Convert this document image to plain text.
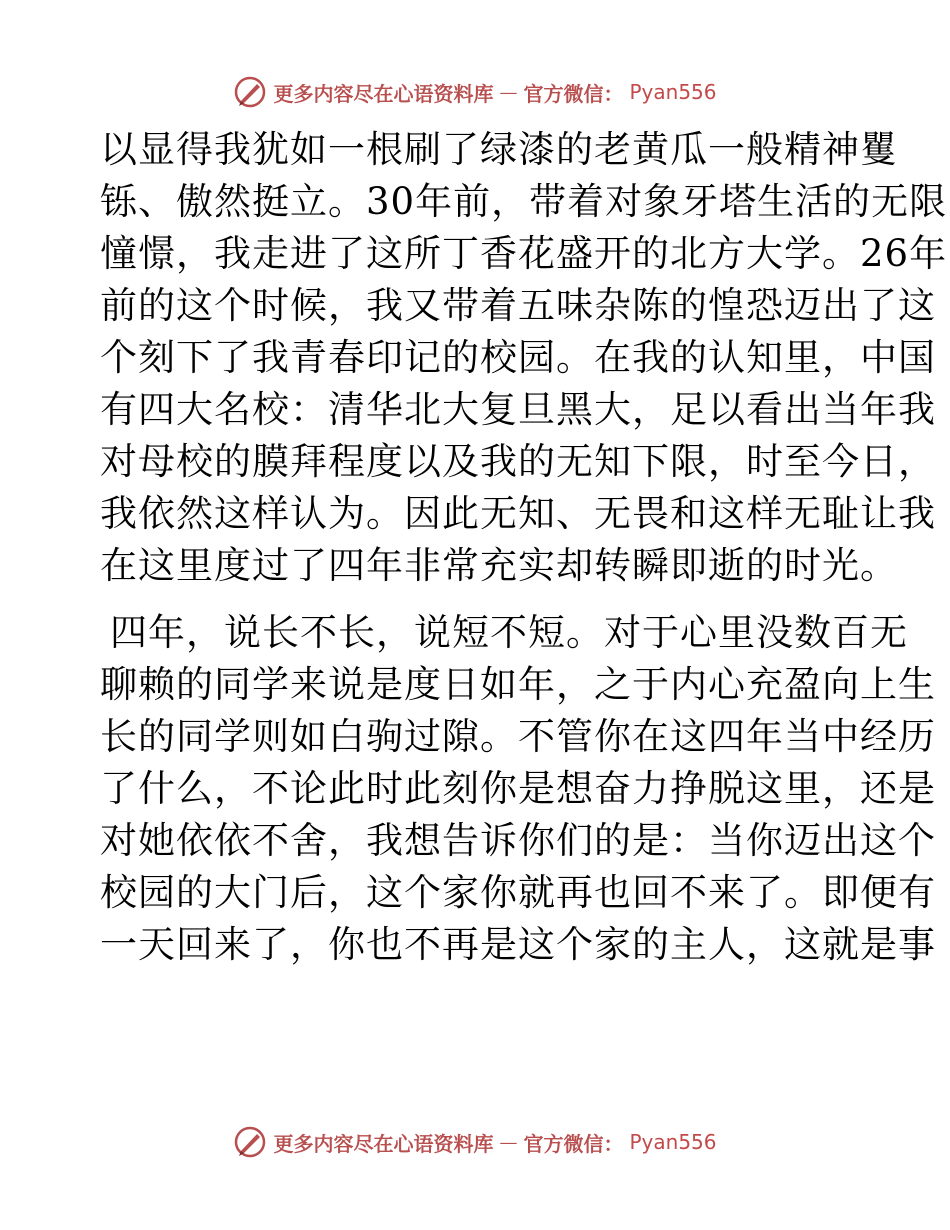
更多内容尽在心语资料库 — 官方微信： Pyan556

以显得我犹如一根刷了绿漆的老黄瓜一般精神矍

铄、傲然挺立。30年前，带着对象牙塔生活的无限

憧憬，我走进了这所丁香花盛开的北方大学。26年

前的这个时候，我又带着五味杂陈的惶恐迈出了这

个刻下了我青春印记的校园。在我的认知里，中国

有四大名校：清华北大复旦黑大，足以看出当年我

对母校的膜拜程度以及我的无知下限，时至今日，

我依然这样认为。因此无知、无畏和这样无耻让我

在这里度过了四年非常充实却转瞬即逝的时光。

四年，说长不长，说短不短。对于心里没数百无

聊赖的同学来说是度日如年，之于内心充盈向上生

长的同学则如白驹过隙。不管你在这四年当中经历

了什么，不论此时此刻你是想奋力挣脱这里，还是

对她依依不舍，我想告诉你们的是：当你迈出这个

校园的大门后，这个家你就再也回不来了。即便有

一天回来了，你也不再是这个家的主人，这就是事

更多内容尽在心语资料库 — 官方微信： Pyan556
